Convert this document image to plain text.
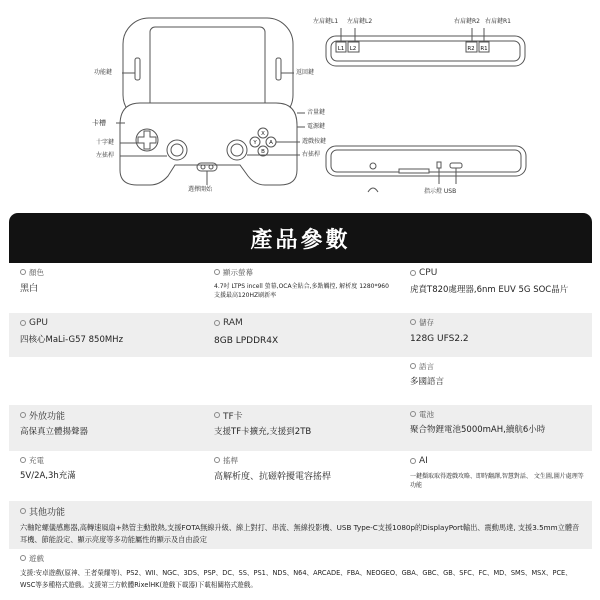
L1 L2	R2 R1
X
Y A
B
左肩鍵L1 左肩鍵L2	右肩鍵R2 右肩鍵R1
功能鍵	返回鍵
卡槽
十字鍵
左搖桿
音量鍵
電源鍵
遊戲按鍵
右搖桿
選擇開始	指示燈 USB
產品參數
顏色
黑白
顯示螢幕
4.7吋 LTPS incell 螢幕,OCA全貼合,多點觸控, 解析度 1280*960 支援最高120HZ刷新率
CPU
虎賁T820處理器,6nm EUV 5G SOC晶片
GPU
四核心MaLi-G57 850MHz
RAM
8GB LPDDR4X
儲存
128G UFS2.2
語言
多國語言
外放功能
高保真立體揚聲器
TF卡
支援TF卡擴充,支援到2TB
電池
聚合物鋰電池5000mAH,續航6小時
充電
5V/2A,3h充滿
搖桿
高解析度、抗磁幹擾電容搖桿
AI
一鍵擷取取得遊戲攻略、即時翻譯,智慧對話、 文生圖,圖片處理等功能
其他功能
六軸陀螺儀感應器,高轉速風扇+熱管主動散熱,支援FOTA無線升級、線上對打、串流、無線投影機、USB Type-C支援1080p的DisplayPort輸出、震動馬達, 支援3.5mm立體音耳機、節能設定、顯示亮度等多功能屬性的顯示及自由設定
遊戲
支援:安卓遊戲(原神、王者榮耀等)、PS2、WII、NGC、3DS、PSP、DC、SS、PS1、NDS、N64、ARCADE、FBA、NEOGEO、GBA、GBC、GB、SFC、FC、MD、SMS、MSX、PCE、WSC等多種格式遊戲。支援第三方軟體RixelHK(遊戲下載器)下載相關格式遊戲。
